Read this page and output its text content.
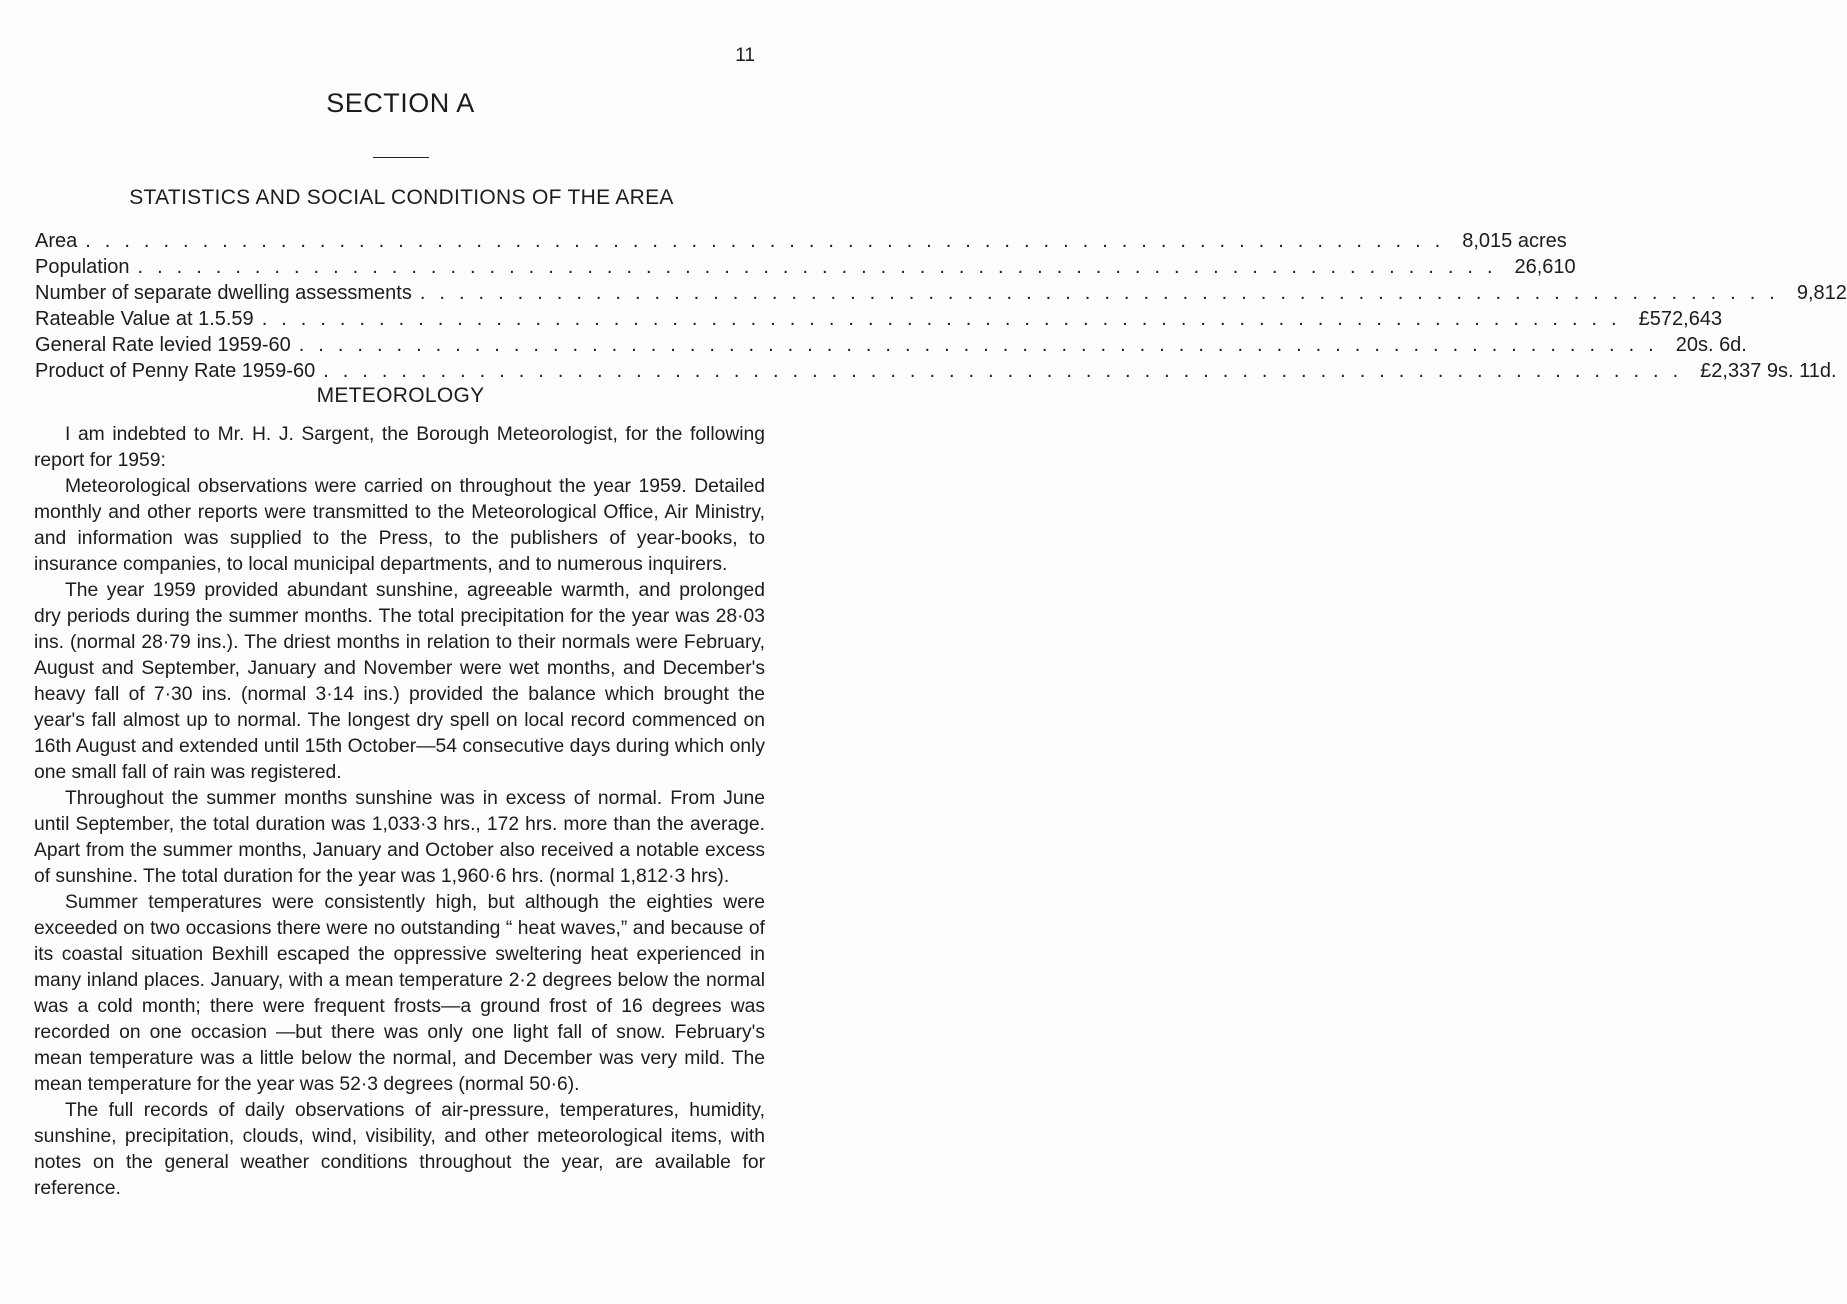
11
SECTION A
STATISTICS AND SOCIAL CONDITIONS OF THE AREA
Area ...................................................................... 8,015 acres
Population ...................................................................... 26,610
Number of separate dwelling assessments ...................................................................... 9,812
Rateable Value at 1.5.59 ...................................................................... £572,643
General Rate levied 1959-60 ...................................................................... 20s. 6d.
Product of Penny Rate 1959-60 ...................................................................... £2,337 9s. 11d.
METEOROLOGY

I am indebted to Mr. H. J. Sargent, the Borough Meteorologist, for the following report for 1959:

Meteorological observations were carried on throughout the year 1959. Detailed monthly and other reports were transmitted to the Meteorological Office, Air Ministry, and information was supplied to the Press, to the publishers of year-books, to insurance companies, to local municipal departments, and to numerous inquirers.

The year 1959 provided abundant sunshine, agreeable warmth, and prolonged dry periods during the summer months. The total precipitation for the year was 28·03 ins. (normal 28·79 ins.). The driest months in relation to their normals were February, August and September, January and November were wet months, and December's heavy fall of 7·30 ins. (normal 3·14 ins.) provided the balance which brought the year's fall almost up to normal. The longest dry spell on local record commenced on 16th August and extended until 15th October—54 consecutive days during which only one small fall of rain was registered.

Throughout the summer months sunshine was in excess of normal. From June until September, the total duration was 1,033·3 hrs., 172 hrs. more than the average. Apart from the summer months, January and October also received a notable excess of sunshine. The total duration for the year was 1,960·6 hrs. (normal 1,812·3 hrs).

Summer temperatures were consistently high, but although the eighties were exceeded on two occasions there were no outstanding “ heat waves,” and because of its coastal situation Bexhill escaped the oppressive sweltering heat experienced in many inland places. January, with a mean temperature 2·2 degrees below the normal was a cold month; there were frequent frosts—a ground frost of 16 degrees was recorded on one occasion —but there was only one light fall of snow. February's mean temperature was a little below the normal, and December was very mild. The mean temperature for the year was 52·3 degrees (normal 50·6).

The full records of daily observations of air-pressure, temperatures, humidity, sunshine, precipitation, clouds, wind, visibility, and other meteorological items, with notes on the general weather conditions throughout the year, are available for reference.
